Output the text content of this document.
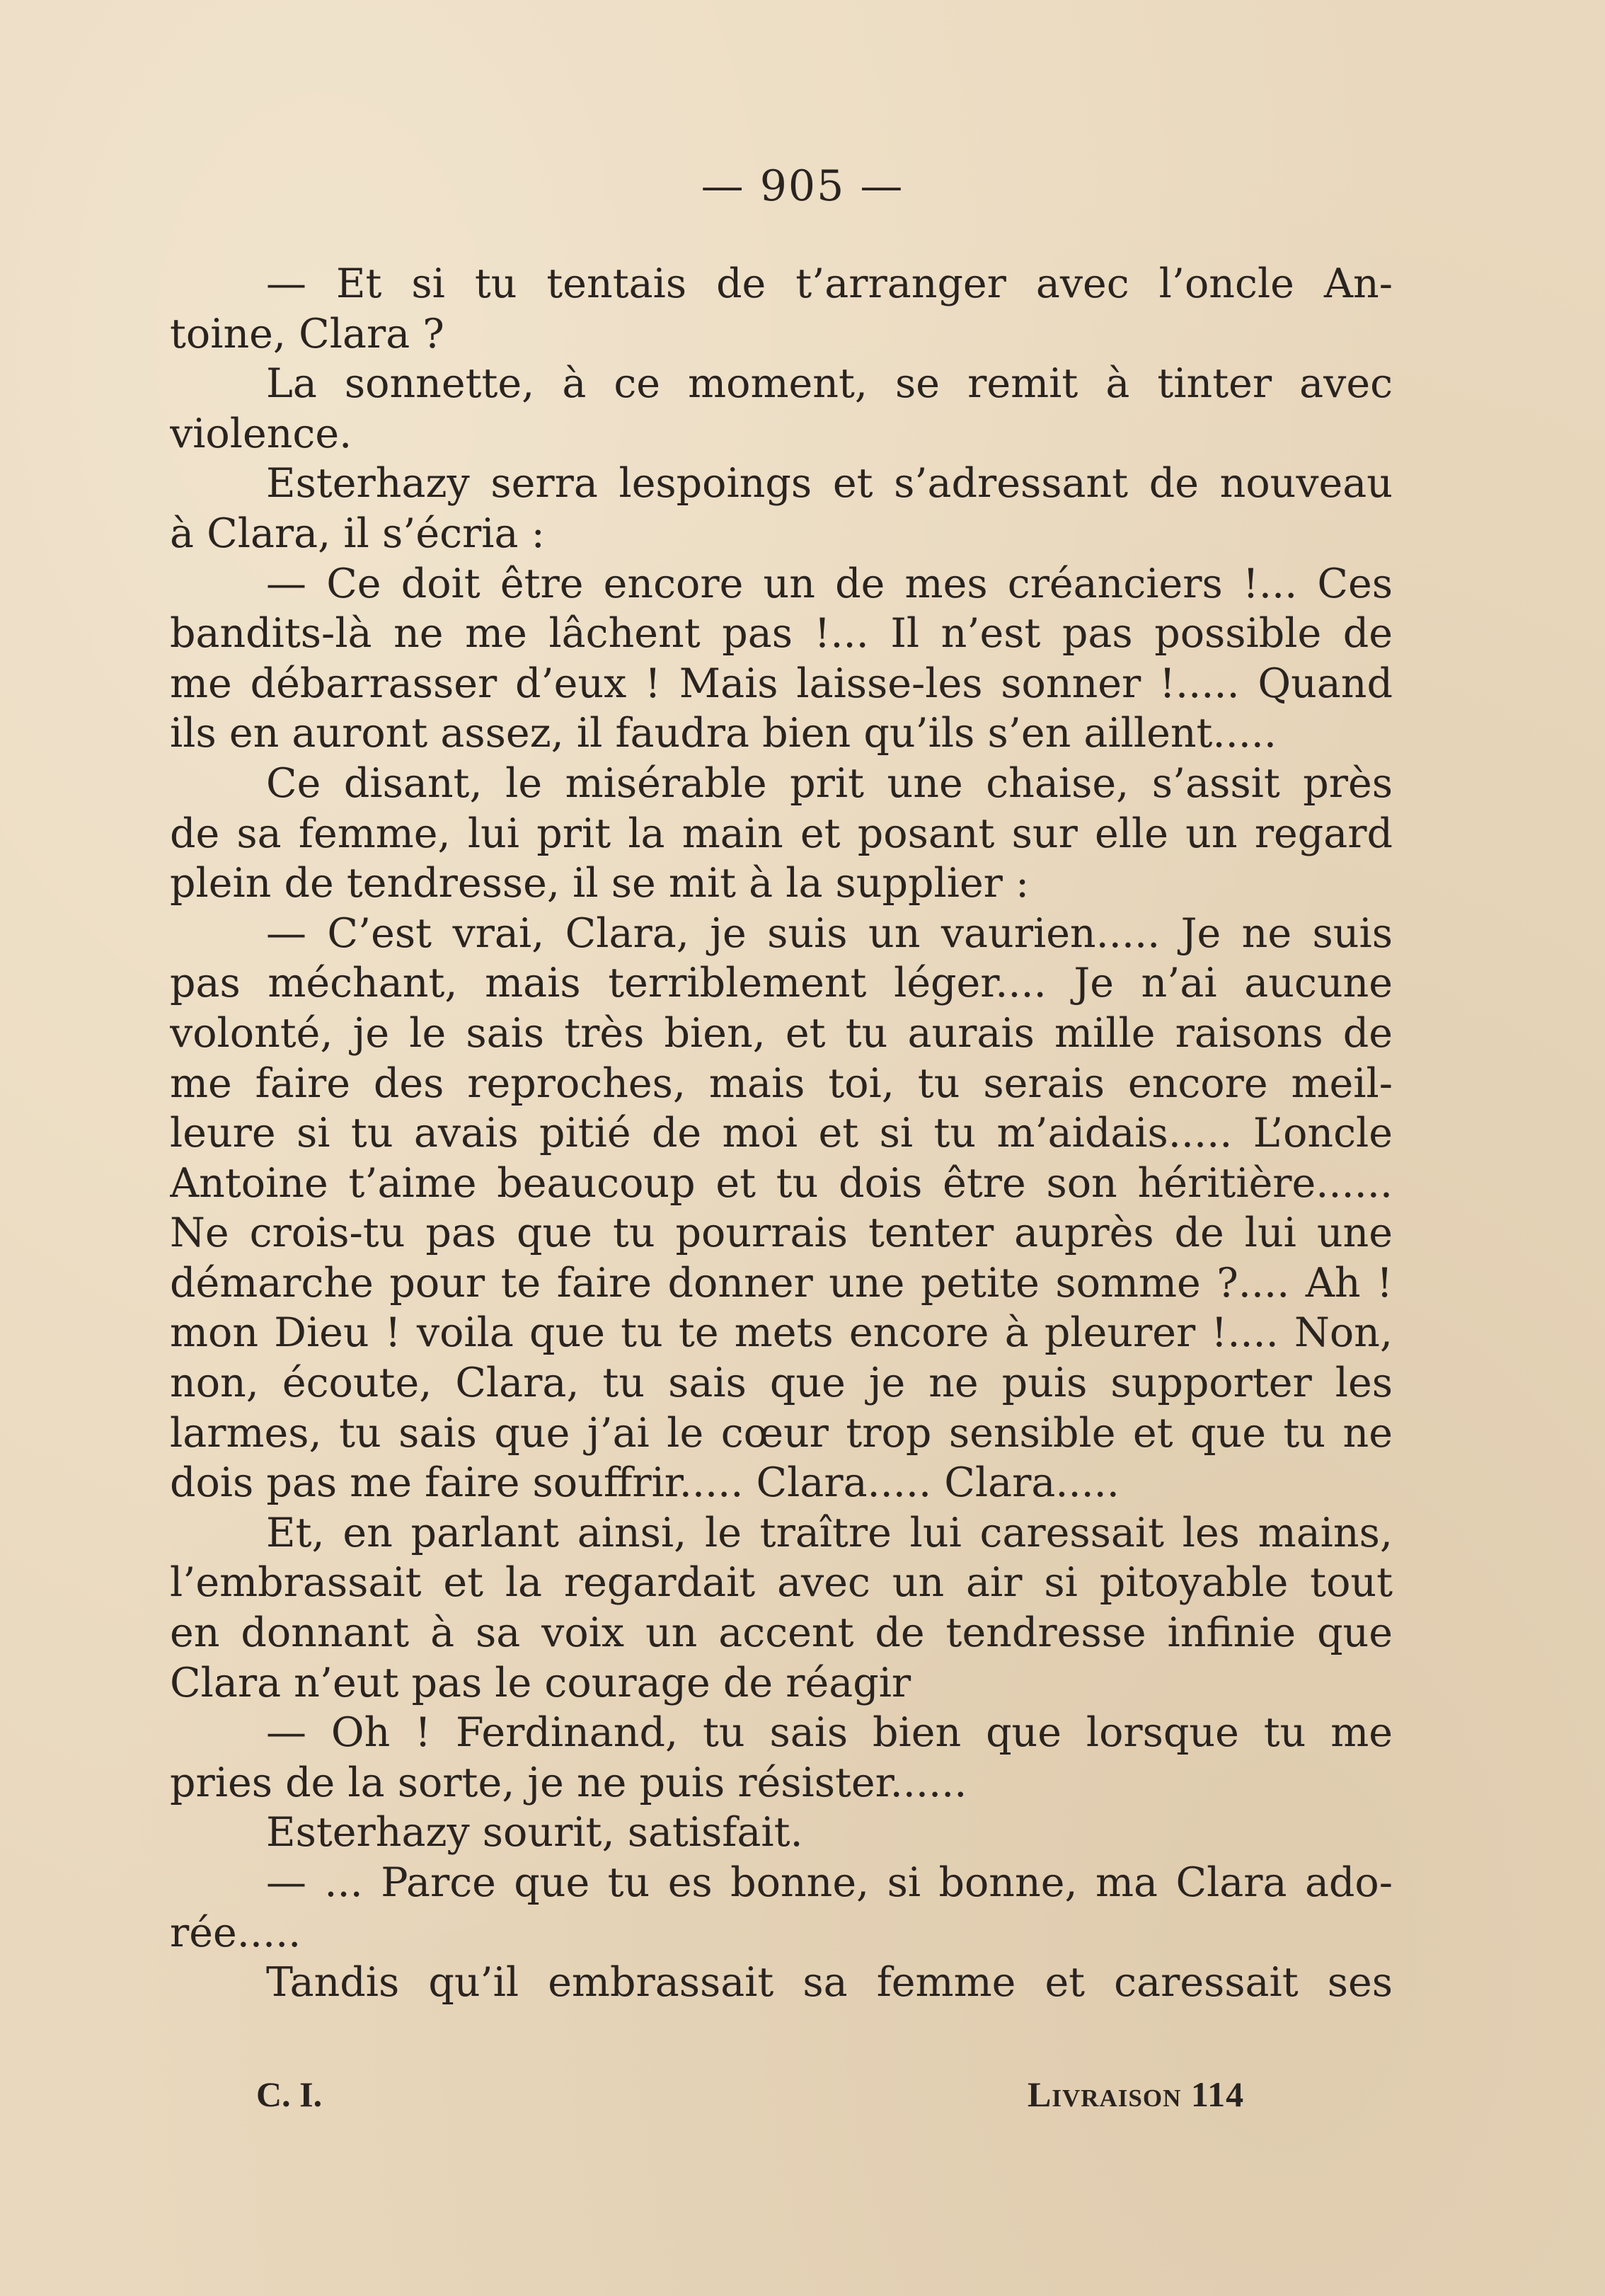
— 905 —

— Et si tu tentais de t’arranger avec l’oncle An-
toine, Clara ?
La sonnette, à ce moment, se remit à tinter avec
violence.
Esterhazy serra lespoings et s’adressant de nouveau
à Clara, il s’écria :
— Ce doit être encore un de mes créanciers !... Ces
bandits-là ne me lâchent pas !... Il n’est pas possible de
me débarrasser d’eux ! Mais laisse-les sonner !..... Quand
ils en auront assez, il faudra bien qu’ils s’en aillent.....
Ce disant, le misérable prit une chaise, s’assit près
de sa femme, lui prit la main et posant sur elle un regard
plein de tendresse, il se mit à la supplier :
— C’est vrai, Clara, je suis un vaurien..... Je ne suis
pas méchant, mais terriblement léger.... Je n’ai aucune
volonté, je le sais très bien, et tu aurais mille raisons de
me faire des reproches, mais toi, tu serais encore meil-
leure si tu avais pitié de moi et si tu m’aidais..... L’oncle
Antoine t’aime beaucoup et tu dois être son héritière......
Ne crois-tu pas que tu pourrais tenter auprès de lui une
démarche pour te faire donner une petite somme ?.... Ah !
mon Dieu ! voila que tu te mets encore à pleurer !.... Non,
non, écoute, Clara, tu sais que je ne puis supporter les
larmes, tu sais que j’ai le cœur trop sensible et que tu ne
dois pas me faire souffrir..... Clara..... Clara.....
Et, en parlant ainsi, le traître lui caressait les mains,
l’embrassait et la regardait avec un air si pitoyable tout
en donnant à sa voix un accent de tendresse infinie que
Clara n’eut pas le courage de réagir
— Oh ! Ferdinand, tu sais bien que lorsque tu me
pries de la sorte, je ne puis résister......
Esterhazy sourit, satisfait.
— ... Parce que tu es bonne, si bonne, ma Clara ado-
rée.....
Tandis qu’il embrassait sa femme et caressait ses
C. I.	Livraison 114
